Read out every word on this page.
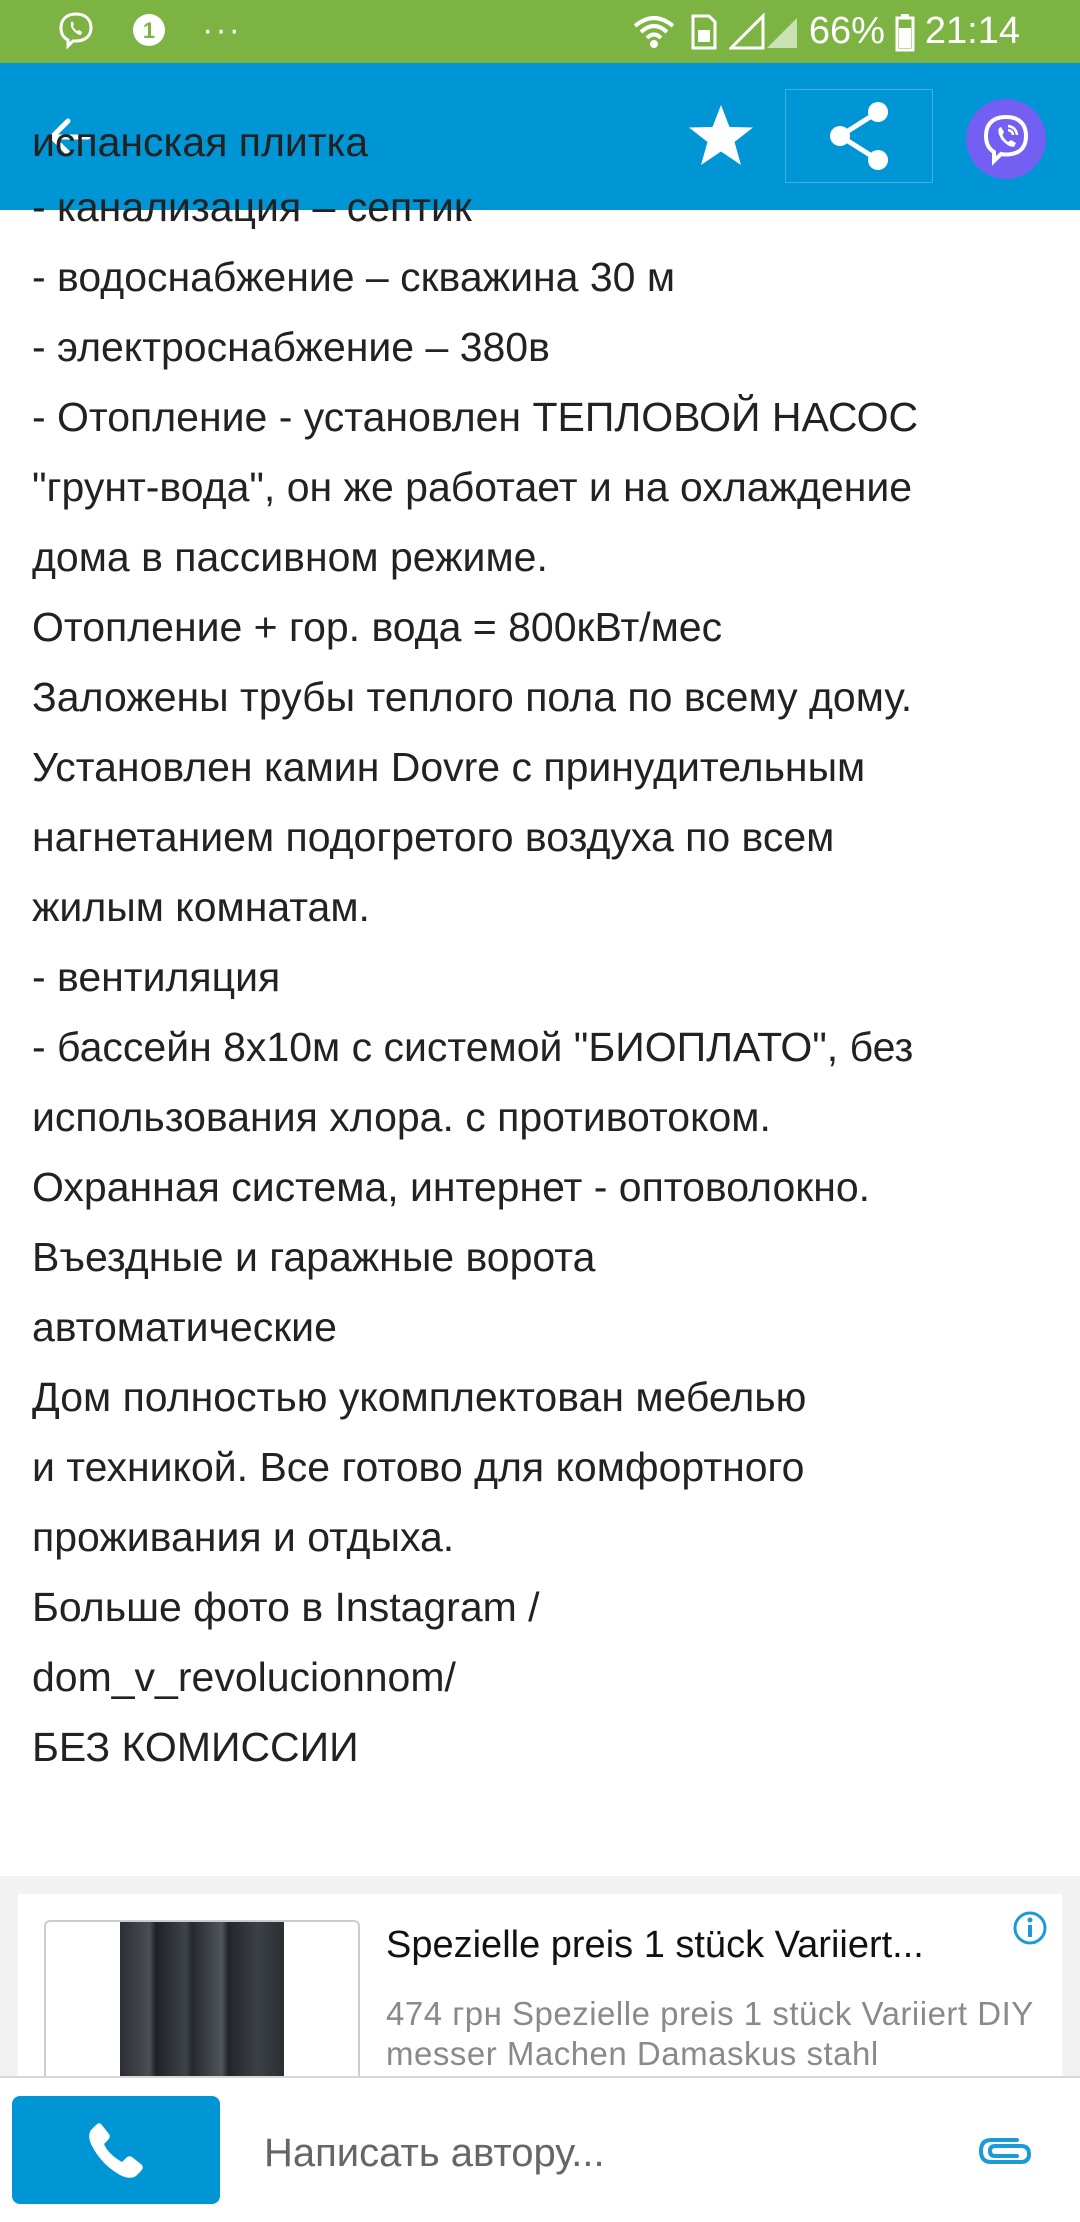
1 ···	66% 21:14
испанская плитка
- канализация – септик
- водоснабжение – скважина 30 м
- электроснабжение – 380в
- Отопление - установлен ТЕПЛОВОЙ НАСОС
"грунт-вода", он же работает и на охлаждение
дома в пассивном режиме.
Отопление + гор. вода = 800кВт/мес
Заложены трубы теплого пола по всему дому.
Установлен камин Dovre с принудительным
нагнетанием подогретого воздуха по всем
жилым комнатам.
- вентиляция
- бассейн 8х10м с системой "БИОПЛАТО", без
использования хлора. с противотоком.
Охранная система, интернет - оптоволокно.
Въездные и гаражные ворота
автоматические
Дом полностью укомплектован мебелью
и техникой. Все готово для комфортного
проживания и отдыха.
Больше фото в Instagram /
dom_v_revolucionnom/
БЕЗ КОМИССИИ
Spezielle preis 1 stück Variiert...
474 грн Spezielle preis 1 stück Variiert DIY messer Machen Damaskus stahl
Написать автору...
